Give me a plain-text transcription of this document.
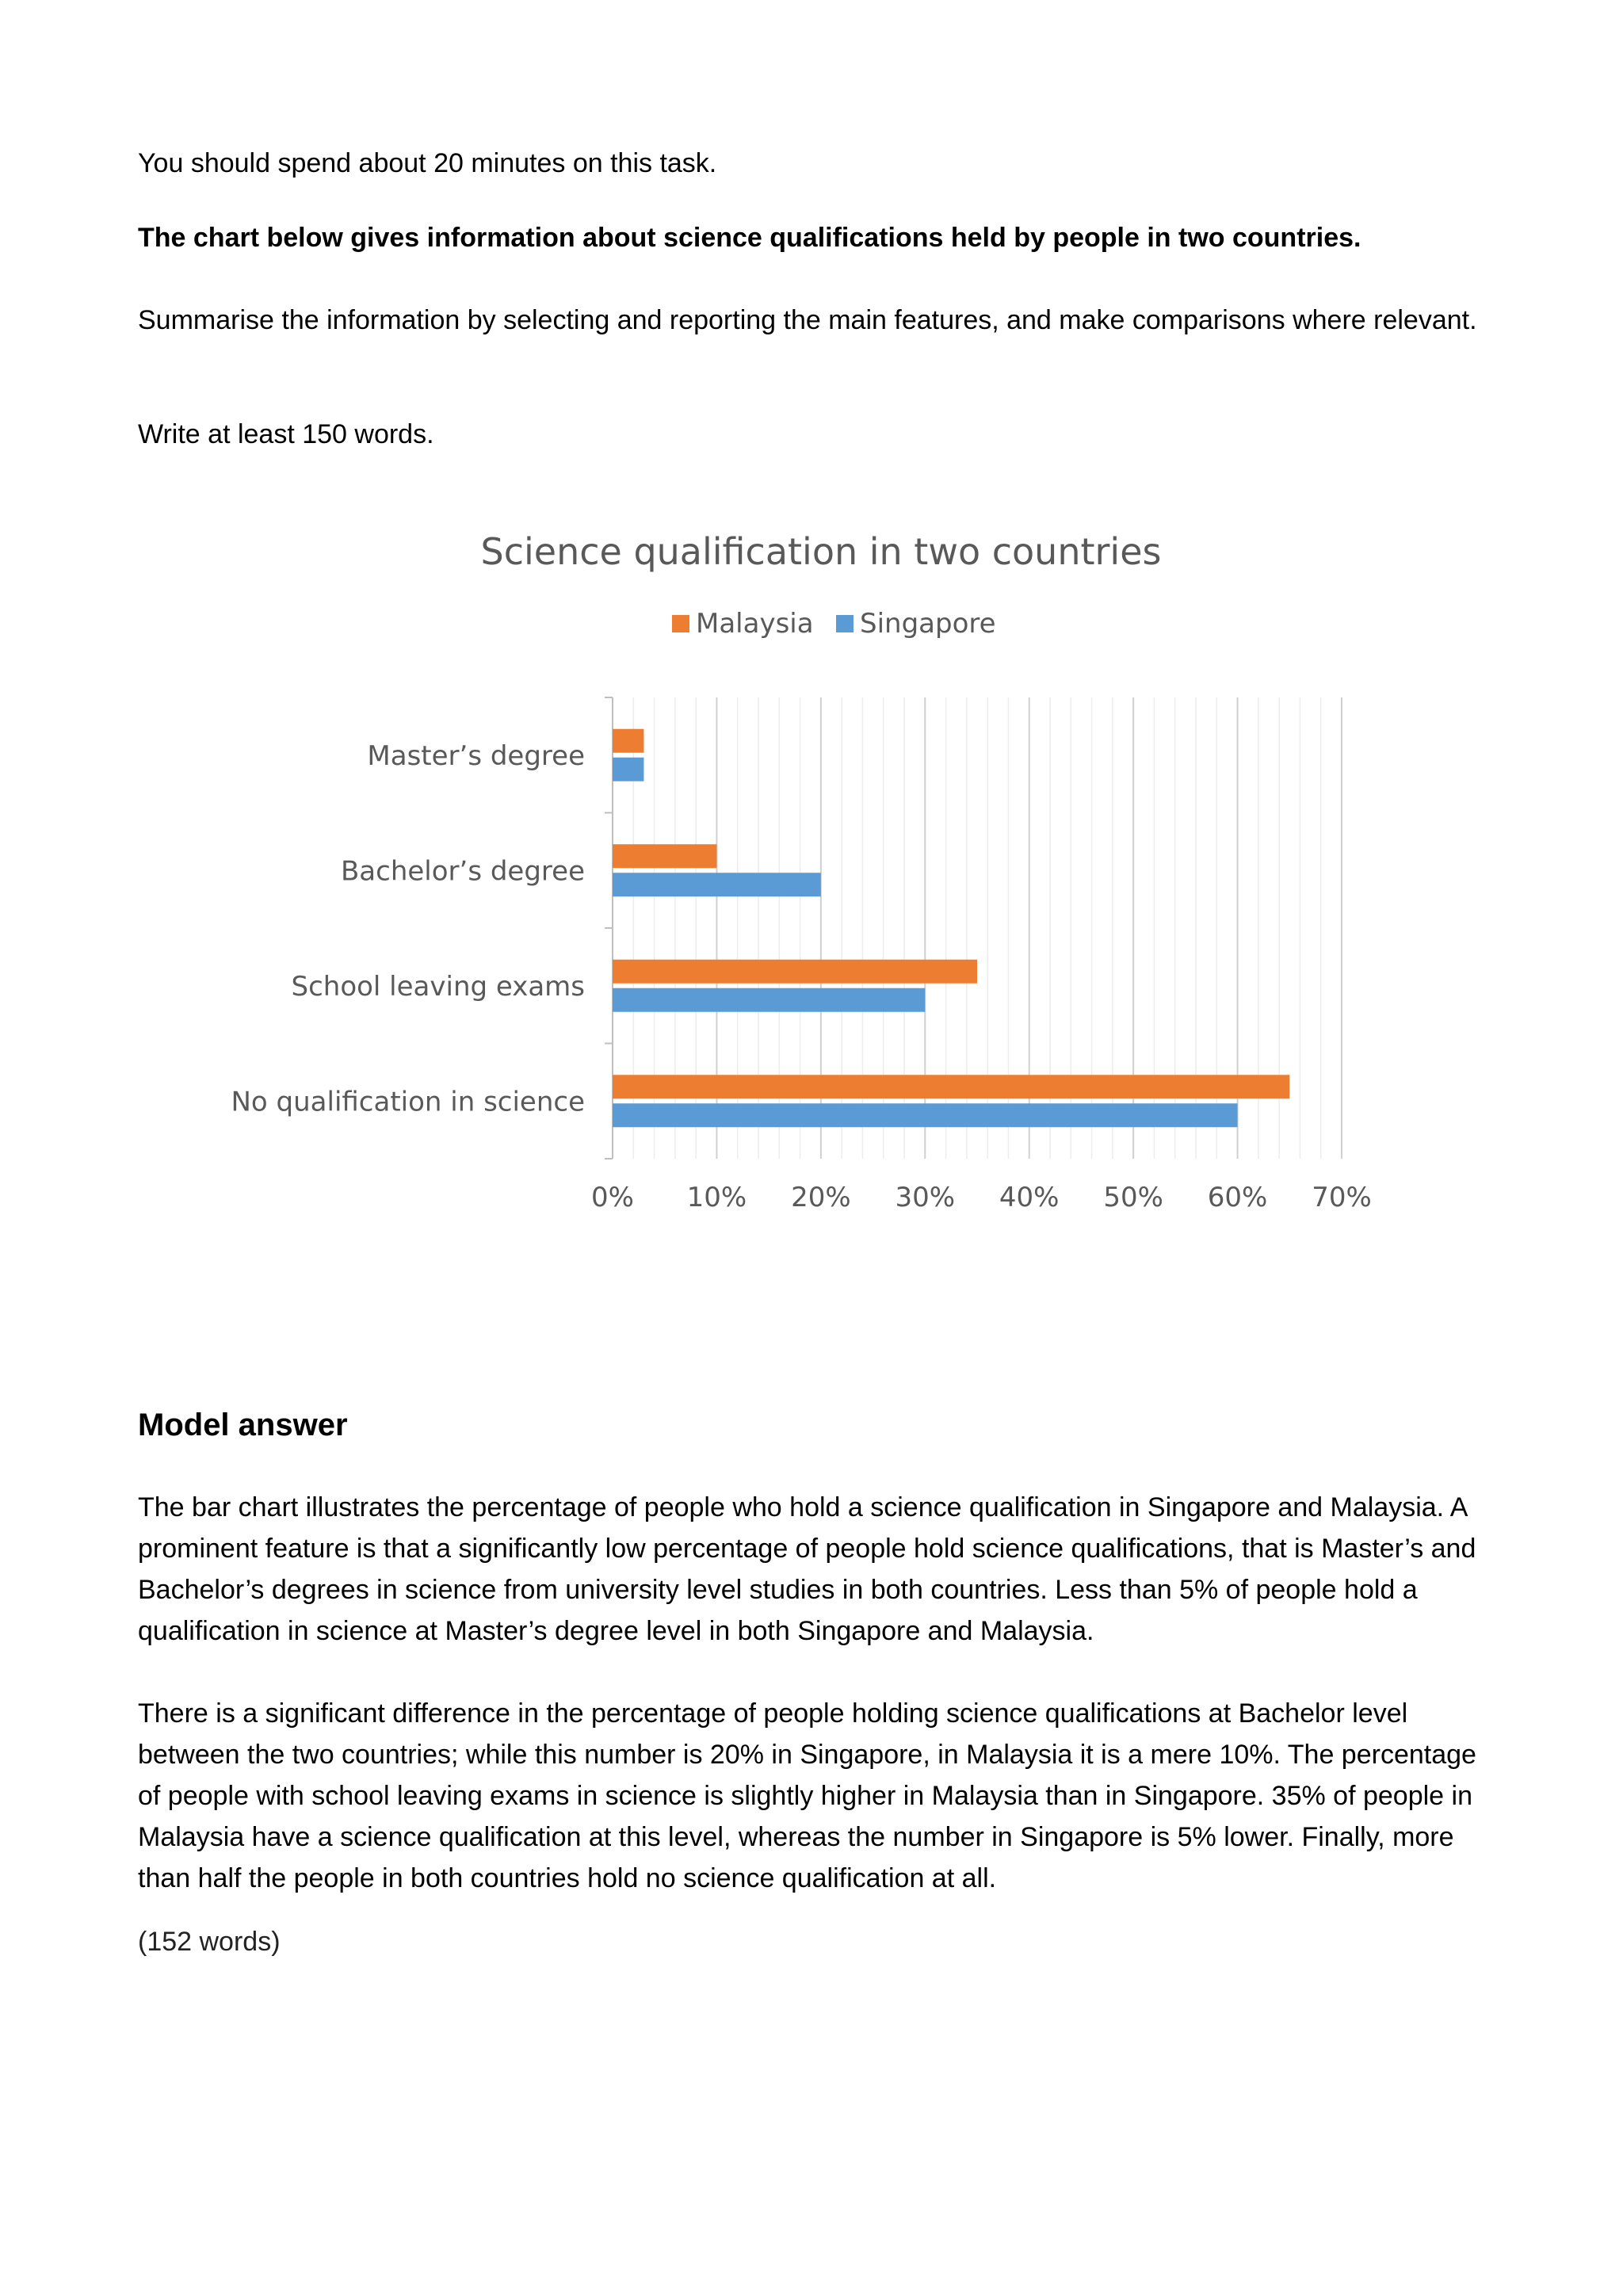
You should spend about 20 minutes on this task.

The chart below gives information about science qualifications held by people in two countries.

Summarise the information by selecting and reporting the main features, and make comparisons where relevant.

Write at least 150 words.

Science qualification in two countries
Malaysia Singapore
Master’s degree
Bachelor’s degree
School leaving exams
No qualification in science
0% 10% 20% 30% 40% 50% 60% 70%

Model answer

The bar chart illustrates the percentage of people who hold a science qualification in Singapore and Malaysia. A prominent feature is that a significantly low percentage of people hold science qualifications, that is Master’s and Bachelor’s degrees in science from university level studies in both countries. Less than 5% of people hold a qualification in science at Master’s degree level in both Singapore and Malaysia.

There is a significant difference in the percentage of people holding science qualifications at Bachelor level between the two countries; while this number is 20% in Singapore, in Malaysia it is a mere 10%. The percentage of people with school leaving exams in science is slightly higher in Malaysia than in Singapore. 35% of people in Malaysia have a science qualification at this level, whereas the number in Singapore is 5% lower. Finally, more than half the people in both countries hold no science qualification at all.

(152 words)
